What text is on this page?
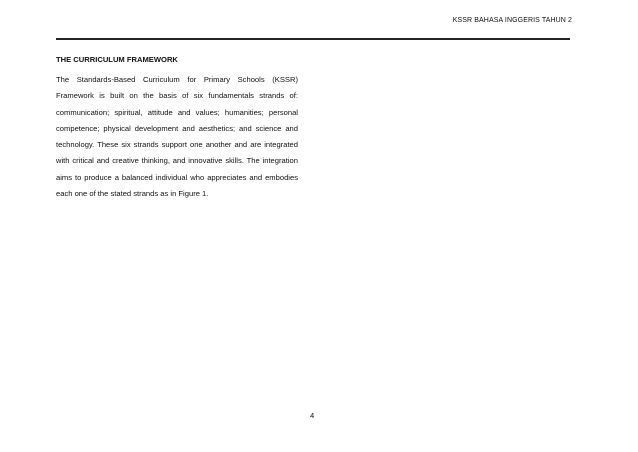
KSSR BAHASA INGGERIS TAHUN 2
THE CURRICULUM FRAMEWORK
The Standards-Based Curriculum for Primary Schools (KSSR) Framework is built on the basis of six fundamentals strands of: communication; spiritual, attitude and values; humanities; personal competence; physical development and aesthetics; and science and technology. These six strands support one another and are integrated with critical and creative thinking, and innovative skills. The integration aims to produce a balanced individual who appreciates and embodies each one of the stated strands as in Figure 1.
4
